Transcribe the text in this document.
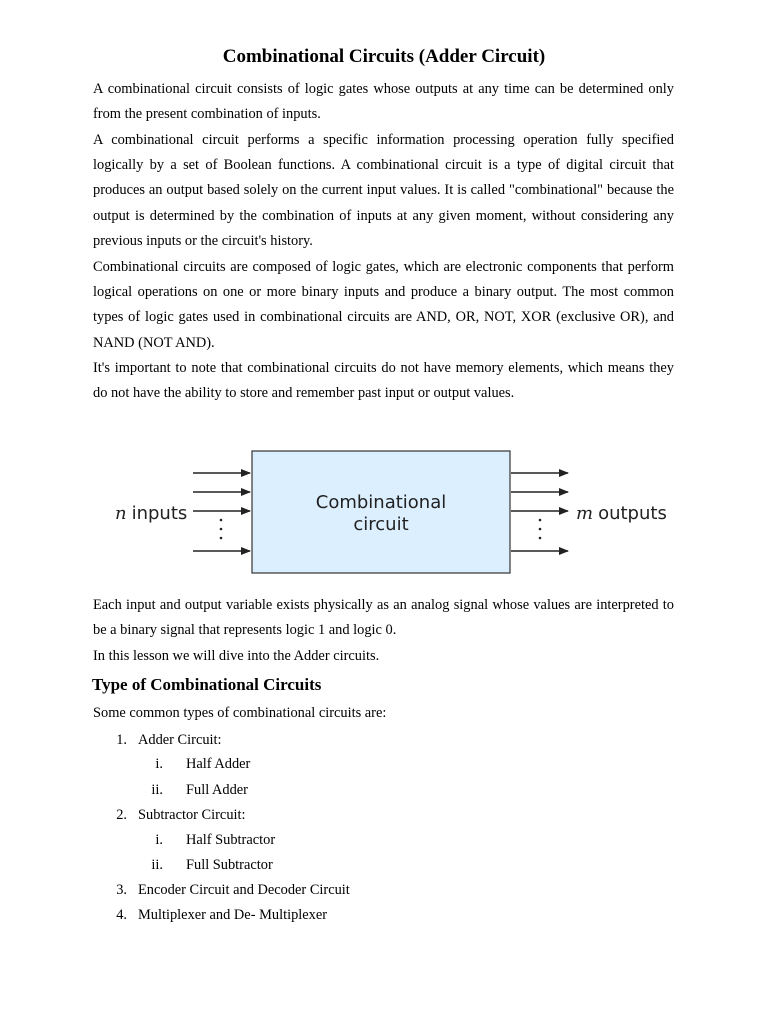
Combinational Circuits (Adder Circuit)

A combinational circuit consists of logic gates whose outputs at any time can be determined only from the present combination of inputs.

A combinational circuit performs a specific information processing operation fully specified logically by a set of Boolean functions. A combinational circuit is a type of digital circuit that produces an output based solely on the current input values. It is called "combinational" because the output is determined by the combination of inputs at any given moment, without considering any previous inputs or the circuit's history.

Combinational circuits are composed of logic gates, which are electronic components that perform logical operations on one or more binary inputs and produce a binary output. The most common types of logic gates used in combinational circuits are AND, OR, NOT, XOR (exclusive OR), and NAND (NOT AND).

It's important to note that combinational circuits do not have memory elements, which means they do not have the ability to store and remember past input or output values.

n inputs	m outputs
Combinational
circuit

Each input and output variable exists physically as an analog signal whose values are interpreted to be a binary signal that represents logic 1 and logic 0.

In this lesson we will dive into the Adder circuits.

Type of Combinational Circuits

Some common types of combinational circuits are:

1. Adder Circuit:
i. Half Adder
ii. Full Adder
2. Subtractor Circuit:
i. Half Subtractor
ii. Full Subtractor
3. Encoder Circuit and Decoder Circuit
4. Multiplexer and De- Multiplexer
